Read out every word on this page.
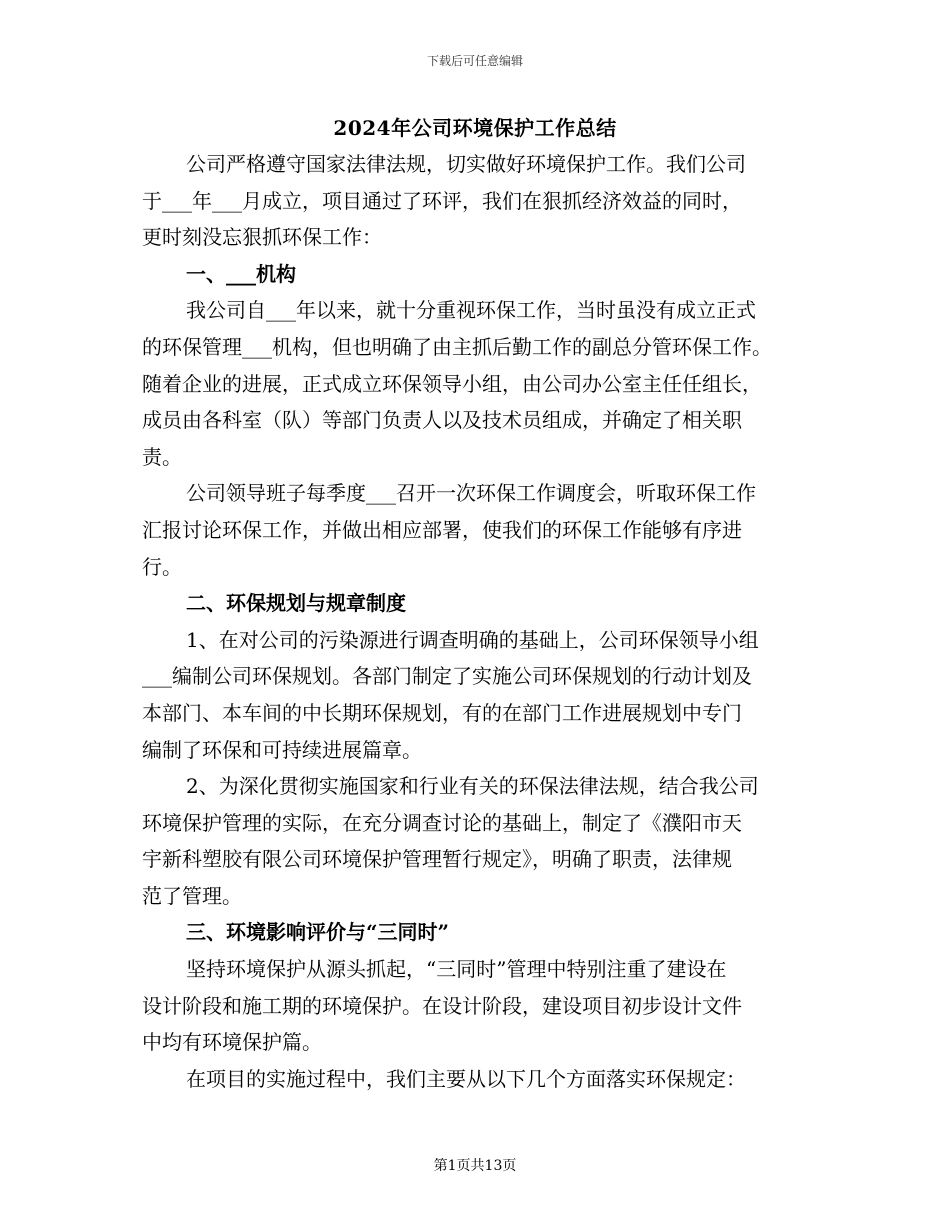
下载后可任意编辑
2024年公司环境保护工作总结
公司严格遵守国家法律法规，切实做好环境保护工作。我们公司
于___年___月成立，项目通过了环评，我们在狠抓经济效益的同时，
更时刻没忘狠抓环保工作：
一、___机构
我公司自___年以来，就十分重视环保工作，当时虽没有成立正式
的环保管理___机构，但也明确了由主抓后勤工作的副总分管环保工作。
随着企业的进展，正式成立环保领导小组，由公司办公室主任任组长，
成员由各科室（队）等部门负责人以及技术员组成，并确定了相关职
责。
公司领导班子每季度___召开一次环保工作调度会，听取环保工作
汇报讨论环保工作，并做出相应部署，使我们的环保工作能够有序进
行。
二、环保规划与规章制度
1、在对公司的污染源进行调查明确的基础上，公司环保领导小组
___编制公司环保规划。各部门制定了实施公司环保规划的行动计划及
本部门、本车间的中长期环保规划，有的在部门工作进展规划中专门
编制了环保和可持续进展篇章。
2、为深化贯彻实施国家和行业有关的环保法律法规，结合我公司
环境保护管理的实际，在充分调查讨论的基础上，制定了《濮阳市天
宇新科塑胶有限公司环境保护管理暂行规定》，明确了职责，法律规
范了管理。
三、环境影响评价与“三同时”
坚持环境保护从源头抓起，“三同时”管理中特别注重了建设在
设计阶段和施工期的环境保护。在设计阶段，建设项目初步设计文件
中均有环境保护篇。
在项目的实施过程中，我们主要从以下几个方面落实环保规定：
第1页共13页
